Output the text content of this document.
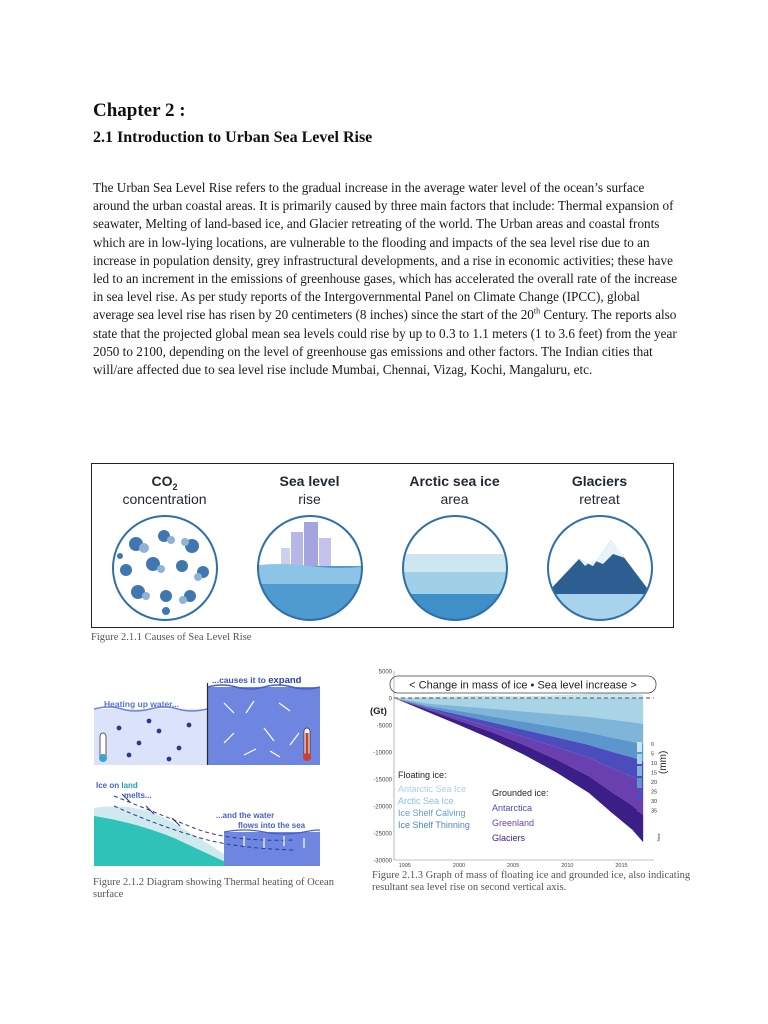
Chapter 2 :
2.1 Introduction to Urban Sea Level Rise

The Urban Sea Level Rise refers to the gradual increase in the average water level of the ocean’s surface around the urban coastal areas. It is primarily caused by three main factors that include: Thermal expansion of seawater, Melting of land-based ice, and Glacier retreating of the world. The Urban areas and coastal fronts which are in low-lying locations, are vulnerable to the flooding and impacts of the sea level rise due to an increase in population density, grey infrastructural developments, and a rise in economic activities; these have led to an increment in the emissions of greenhouse gases, which has accelerated the overall rate of the increase in sea level rise. As per study reports of the Intergovernmental Panel on Climate Change (IPCC), global average sea level rise has risen by 20 centimeters (8 inches) since the start of the 20th Century. The reports also state that the projected global mean sea levels could rise by up to 0.3 to 1.1 meters (1 to 3.6 feet) from the year 2050 to 2100, depending on the level of greenhouse gas emissions and other factors. The Indian cities that will/are affected due to sea level rise include Mumbai, Chennai, Vizag, Kochi, Mangaluru, etc.

$CO_2$
concentration
Sea level
rise
Arctic sea ice
area
Glaciers
retreat
Figure 2.1.1 Causes of Sea Level Rise
Heating up water...
...causes it to expand
Ice on land
melts...
...and the water
flows into the sea
Figure 2.1.2 Diagram showing Thermal heating of Ocean surface
< Change in mass of ice • Sea level increase >
(Gt)
5000
0
-5000
-10000
-15000
-20000
-25000
-30000
1995	2000	2005	2010	2015
0
5
10
15
20
25
30
35
(mm)
Total
Floating ice:
Antarctic Sea Ice
Arctic Sea Ice
Ice Shelf Calving
Ice Shelf Thinning
Grounded ice:
Antarctica
Greenland
Glaciers
Figure 2.1.3 Graph of mass of floating ice and grounded ice, also indicating resultant sea level rise on second vertical axis.
